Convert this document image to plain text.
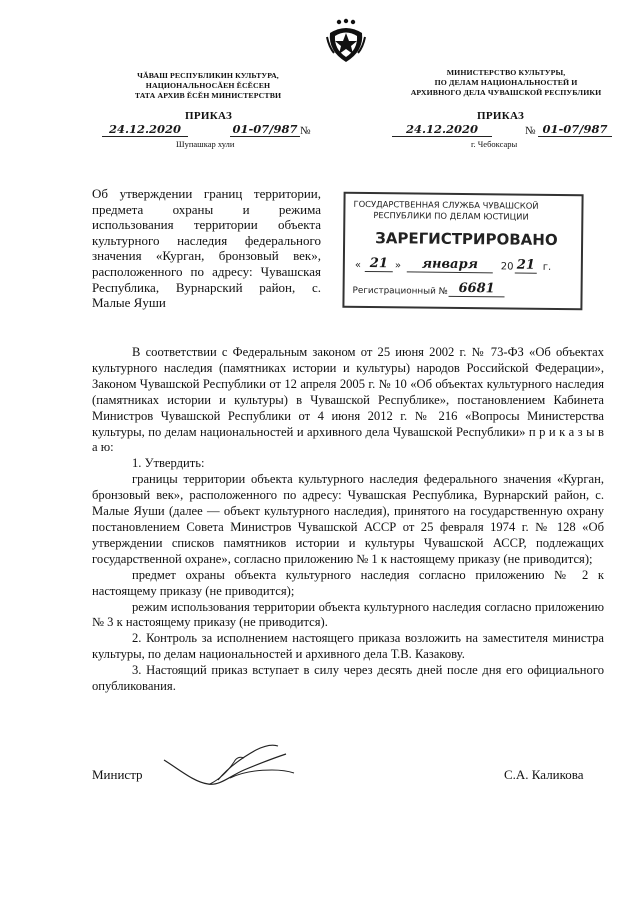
ЧĂВАШ РЕСПУБЛИКИН КУЛЬТУРА,
НАЦИОНАЛЬНОСĂЕН ĔСĔСЕН
ТАТА АРХИВ ĔСĔН МИНИСТЕРСТВИ
ПРИКАЗ
24.12.2020	01-07/987 №
Шупашкар хули
МИНИСТЕРСТВО КУЛЬТУРЫ,
ПО ДЕЛАМ НАЦИОНАЛЬНОСТЕЙ И
АРХИВНОГО ДЕЛА ЧУВАШСКОЙ РЕСПУБЛИКИ
ПРИКАЗ
24.12.2020	№ 01-07/987
г. Чебоксары
Об утверждении границ территории, предмета охраны и режима использования территории объекта культурного наследия федерального значения «Курган, бронзовый век», расположенного по адресу: Чувашская Республика, Вурнарский район, с. Малые Яуши
ГОСУДАРСТВЕННАЯ СЛУЖБА ЧУВАШСКОЙ
РЕСПУБЛИКИ ПО ДЕЛАМ ЮСТИЦИИ
ЗАРЕГИСТРИРОВАНО
« 21 »	января	20 21 г.
Регистрационный № 6681

В соответствии с Федеральным законом от 25 июня 2002 г. № 73-ФЗ «Об объектах культурного наследия (памятниках истории и культуры) народов Российской Федерации», Законом Чувашской Республики от 12 апреля 2005 г. № 10 «Об объектах культурного наследия (памятниках истории и культуры) в Чувашской Республике», постановлением Кабинета Министров Чувашской Республики от 4 июня 2012 г. № 216 «Вопросы Министерства культуры, по делам национальностей и архивного дела Чувашской Республики» п р и к а з ы в а ю:

1. Утвердить:

границы территории объекта культурного наследия федерального значения «Курган, бронзовый век», расположенного по адресу: Чувашская Республика, Вурнарский район, с. Малые Яуши (далее — объект культурного наследия), принятого на государственную охрану постановлением Совета Министров Чувашской АССР от 25 февраля 1974 г. № 128 «Об утверждении списков памятников истории и культуры Чувашской АССР, подлежащих государственной охране», согласно приложению № 1 к настоящему приказу (не приводится);

предмет охраны объекта культурного наследия согласно приложению № 2 к настоящему приказу (не приводится);

режим использования территории объекта культурного наследия согласно приложению № 3 к настоящему приказу (не приводится).

2. Контроль за исполнением настоящего приказа возложить на заместителя министра культуры, по делам национальностей и архивного дела Т.В. Казакову.

3. Настоящий приказ вступает в силу через десять дней после дня его официального опубликования.

Министр	С.А. Каликова
